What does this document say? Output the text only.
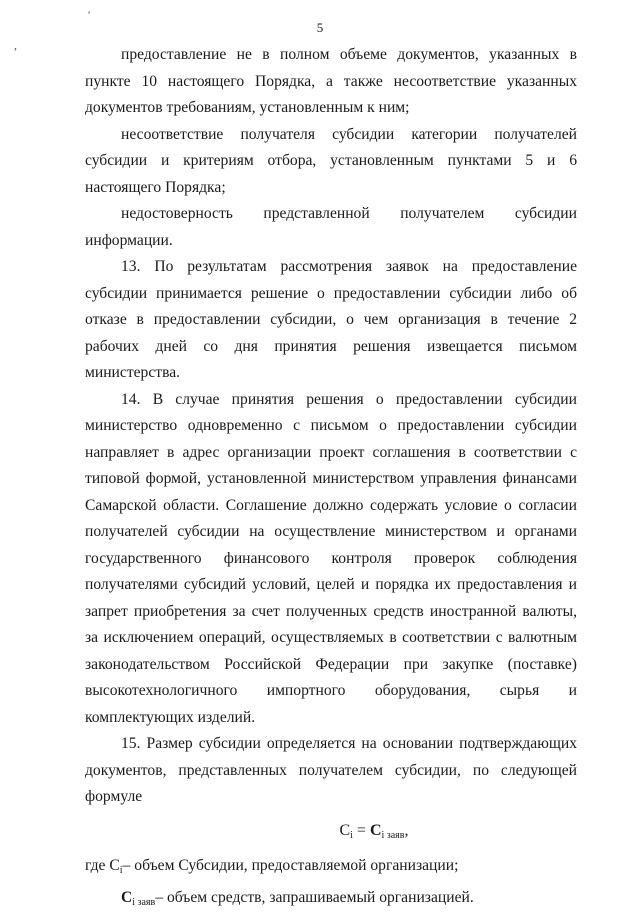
5
'
,

предоставление не в полном объеме документов, указанных в пункте 10 настоящего Порядка, а также несоответствие указанных документов требованиям, установленным к ним;

несоответствие получателя субсидии категории получателей субсидии и критериям отбора, установленным пунктами 5 и 6 настоящего Порядка;

недостоверность представленной получателем субсидии информации.

13. По результатам рассмотрения заявок на предоставление субсидии принимается решение о предоставлении субсидии либо об отказе в предоставлении субсидии, о чем организация в течение 2 рабочих дней со дня принятия решения извещается письмом министерства.

14. В случае принятия решения о предоставлении субсидии министерство одновременно с письмом о предоставлении субсидии направляет в адрес организации проект соглашения в соответствии с типовой формой, установленной министерством управления финансами Самарской области. Соглашение должно содержать условие о согласии получателей субсидии на осуществление министерством и органами государственного финансового контроля проверок соблюдения получателями субсидий условий, целей и порядка их предоставления и запрет приобретения за счет полученных средств иностранной валюты, за исключением операций, осуществляемых в соответствии с валютным законодательством Российской Федерации при закупке (поставке) высокотехнологичного импортного оборудования, сырья и комплектующих изделий.

15. Размер субсидии определяется на основании подтверждающих документов, представленных получателем субсидии, по следующей формуле

$С_i = С_{i заяв}$,

где Сi– объем Субсидии, предоставляемой организации;

Сi заяв– объем средств, запрашиваемый организацией.
